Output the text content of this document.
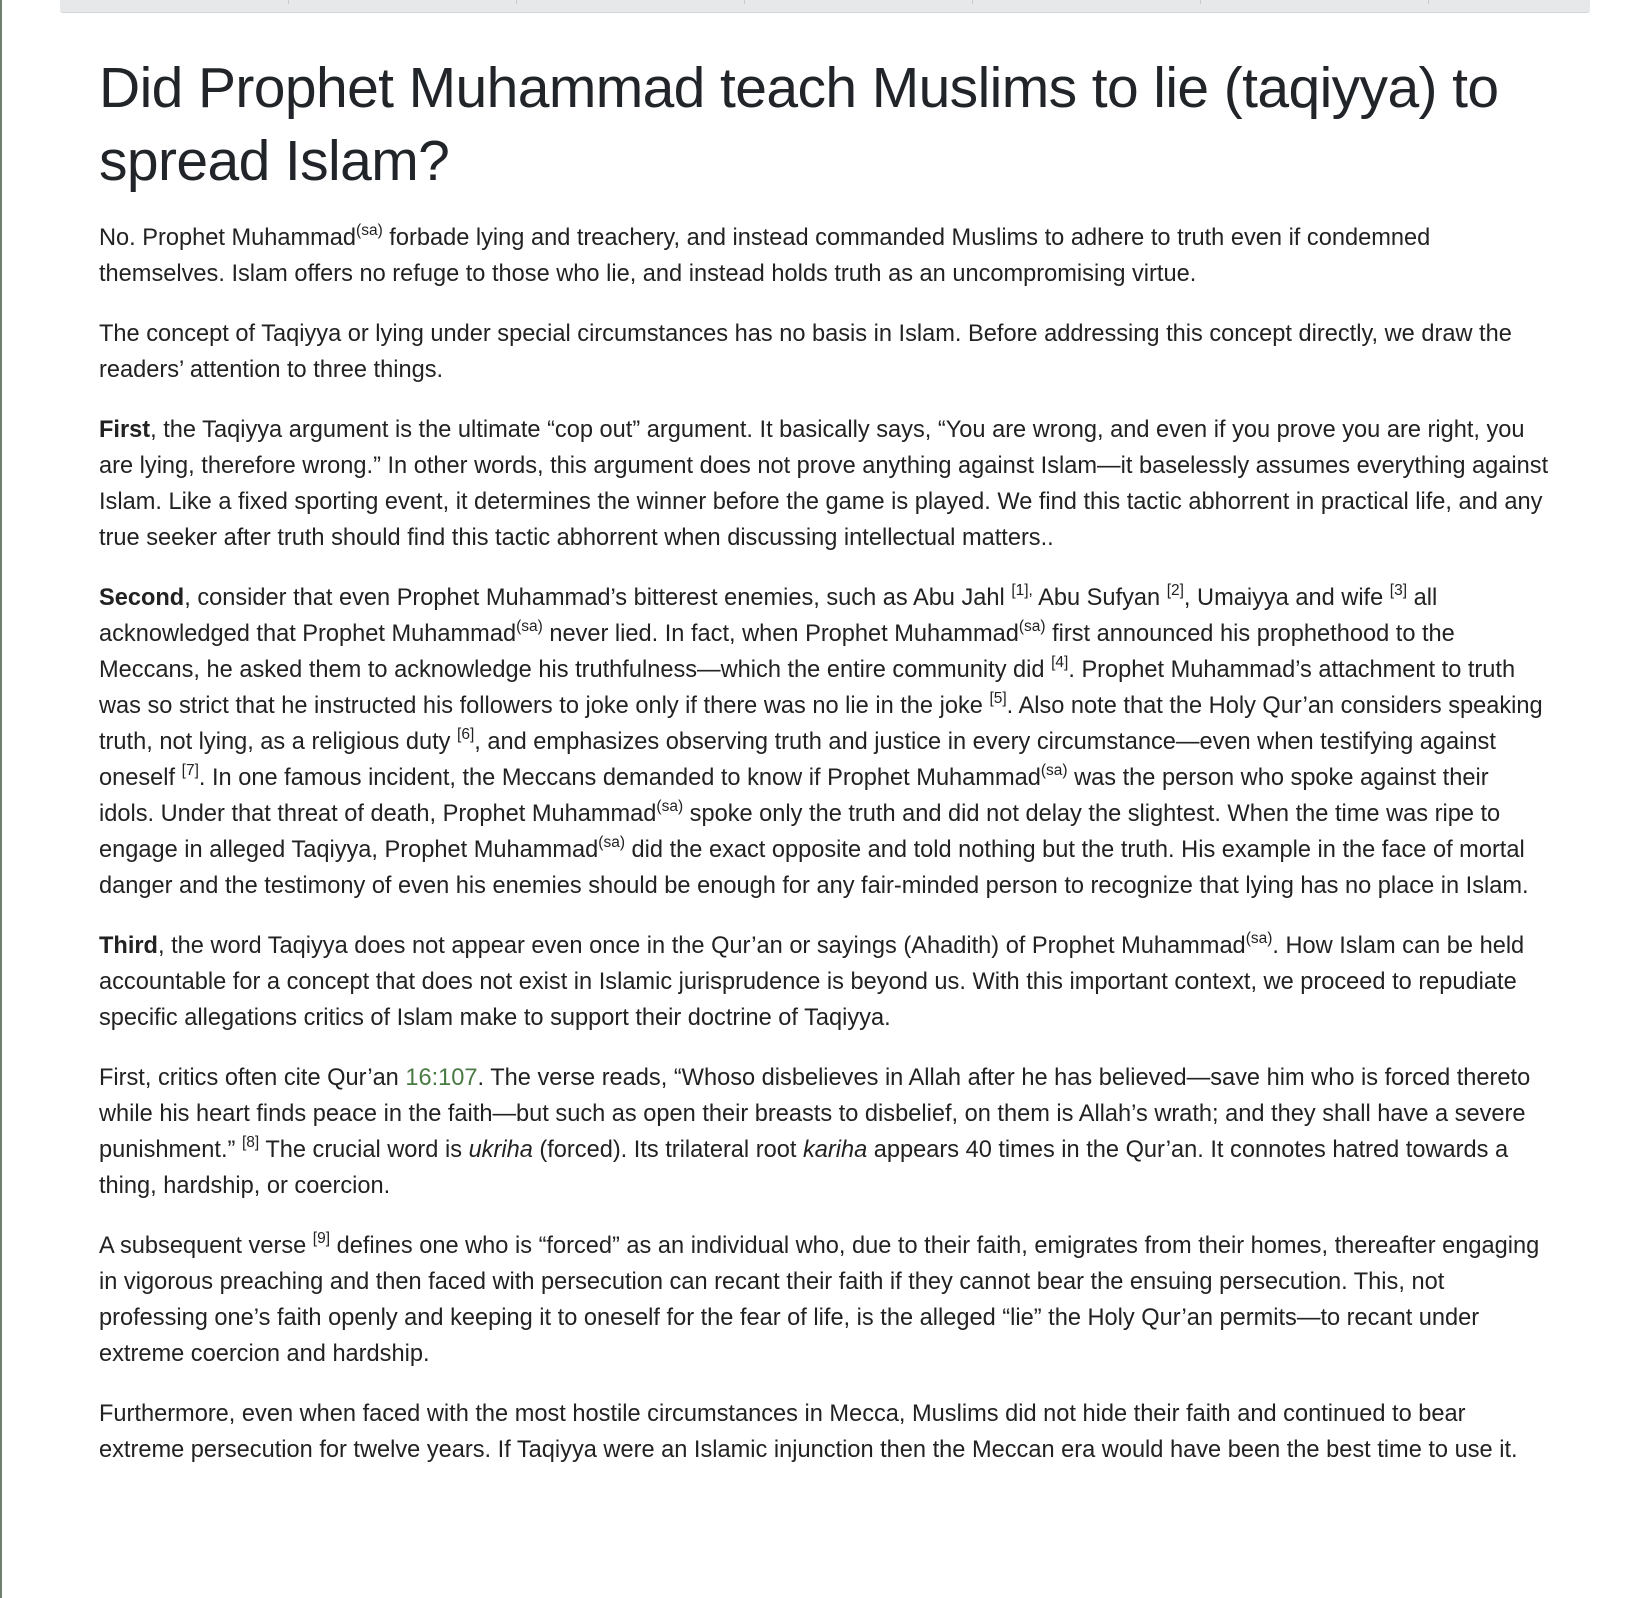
Did Prophet Muhammad teach Muslims to lie (taqiyya) to spread Islam?

No. Prophet Muhammad$^{(sa)}$ forbade lying and treachery, and instead commanded Muslims to adhere to truth even if condemned themselves. Islam offers no refuge to those who lie, and instead holds truth as an uncompromising virtue.

The concept of Taqiyya or lying under special circumstances has no basis in Islam. Before addressing this concept directly, we draw the readers’ attention to three things.

First, the Taqiyya argument is the ultimate “cop out” argument. It basically says, “You are wrong, and even if you prove you are right, you are lying, therefore wrong.” In other words, this argument does not prove anything against Islam—it baselessly assumes everything against Islam. Like a fixed sporting event, it determines the winner before the game is played. We find this tactic abhorrent in practical life, and any true seeker after truth should find this tactic abhorrent when discussing intellectual matters..

Second, consider that even Prophet Muhammad’s bitterest enemies, such as Abu Jahl $^{[1],}$ Abu Sufyan [2], Umaiyya and wife [3] all acknowledged that Prophet Muhammad$^{(sa)}$ never lied. In fact, when Prophet Muhammad$^{(sa)}$ first announced his prophethood to the Meccans, he asked them to acknowledge his truthfulness—which the entire community did [4]. Prophet Muhammad’s attachment to truth was so strict that he instructed his followers to joke only if there was no lie in the joke [5]. Also note that the Holy Qur’an considers speaking truth, not lying, as a religious duty [6], and emphasizes observing truth and justice in every circumstance—even when testifying against oneself [7]. In one famous incident, the Meccans demanded to know if Prophet Muhammad$^{(sa)}$ was the person who spoke against their idols. Under that threat of death, Prophet Muhammad$^{(sa)}$ spoke only the truth and did not delay the slightest. When the time was ripe to engage in alleged Taqiyya, Prophet Muhammad$^{(sa)}$ did the exact opposite and told nothing but the truth. His example in the face of mortal danger and the testimony of even his enemies should be enough for any fair-minded person to recognize that lying has no place in Islam.

Third, the word Taqiyya does not appear even once in the Qur’an or sayings (Ahadith) of Prophet Muhammad$^{(sa)}$. How Islam can be held accountable for a concept that does not exist in Islamic jurisprudence is beyond us. With this important context, we proceed to repudiate specific allegations critics of Islam make to support their doctrine of Taqiyya.

First, critics often cite Qur’an 16:107. The verse reads, “Whoso disbelieves in Allah after he has believed—save him who is forced thereto while his heart finds peace in the faith—but such as open their breasts to disbelief, on them is Allah’s wrath; and they shall have a severe punishment.” [8] The crucial word is ukriha (forced). Its trilateral root kariha appears 40 times in the Qur’an. It connotes hatred towards a thing, hardship, or coercion.

A subsequent verse [9] defines one who is “forced” as an individual who, due to their faith, emigrates from their homes, thereafter engaging in vigorous preaching and then faced with persecution can recant their faith if they cannot bear the ensuing persecution. This, not professing one’s faith openly and keeping it to oneself for the fear of life, is the alleged “lie” the Holy Qur’an permits—to recant under extreme coercion and hardship.

Furthermore, even when faced with the most hostile circumstances in Mecca, Muslims did not hide their faith and continued to bear extreme persecution for twelve years. If Taqiyya were an Islamic injunction then the Meccan era would have been the best time to use it.
